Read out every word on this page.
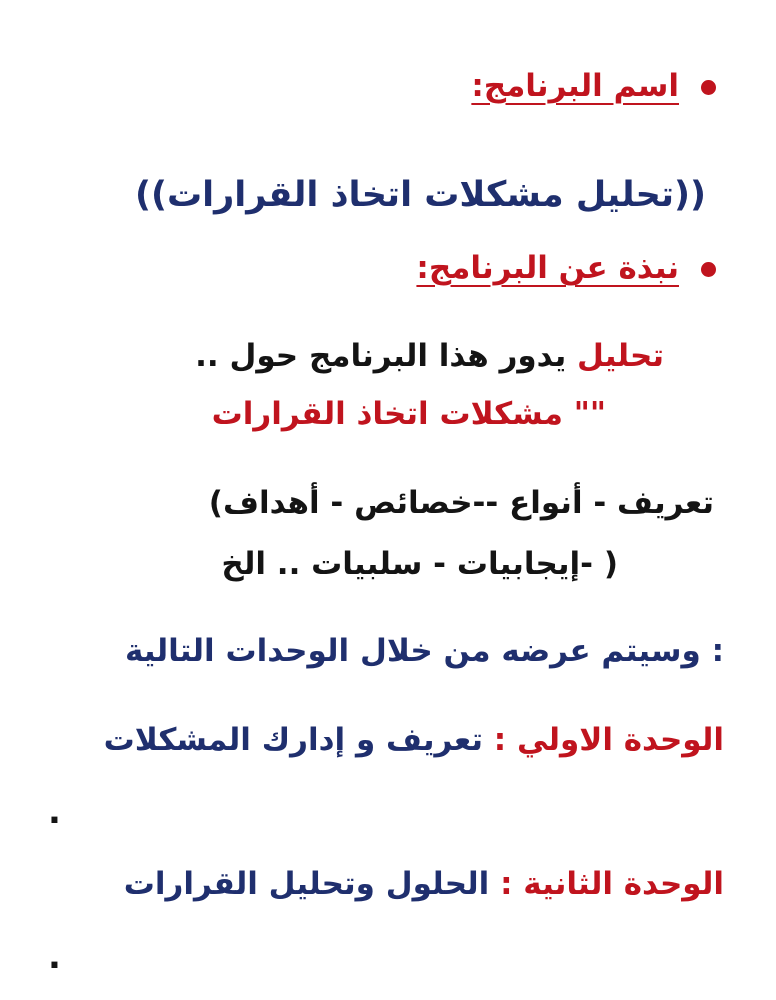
اسم البرنامج:
((تحليل مشكلات اتخاذ القرارات))
نبذة عن البرنامج:
تحليل يدور هذا البرنامج حول ..
"" مشكلات اتخاذ القرارات
تعريف - أنواع --خصائص - أهداف)
( -إيجابيات - سلبيات .. الخ
: وسيتم عرضه من خلال الوحدات التالية
الوحدة الاولي : تعريف و إدارك المشكلات
.
الوحدة الثانية : الحلول وتحليل القرارات
.
